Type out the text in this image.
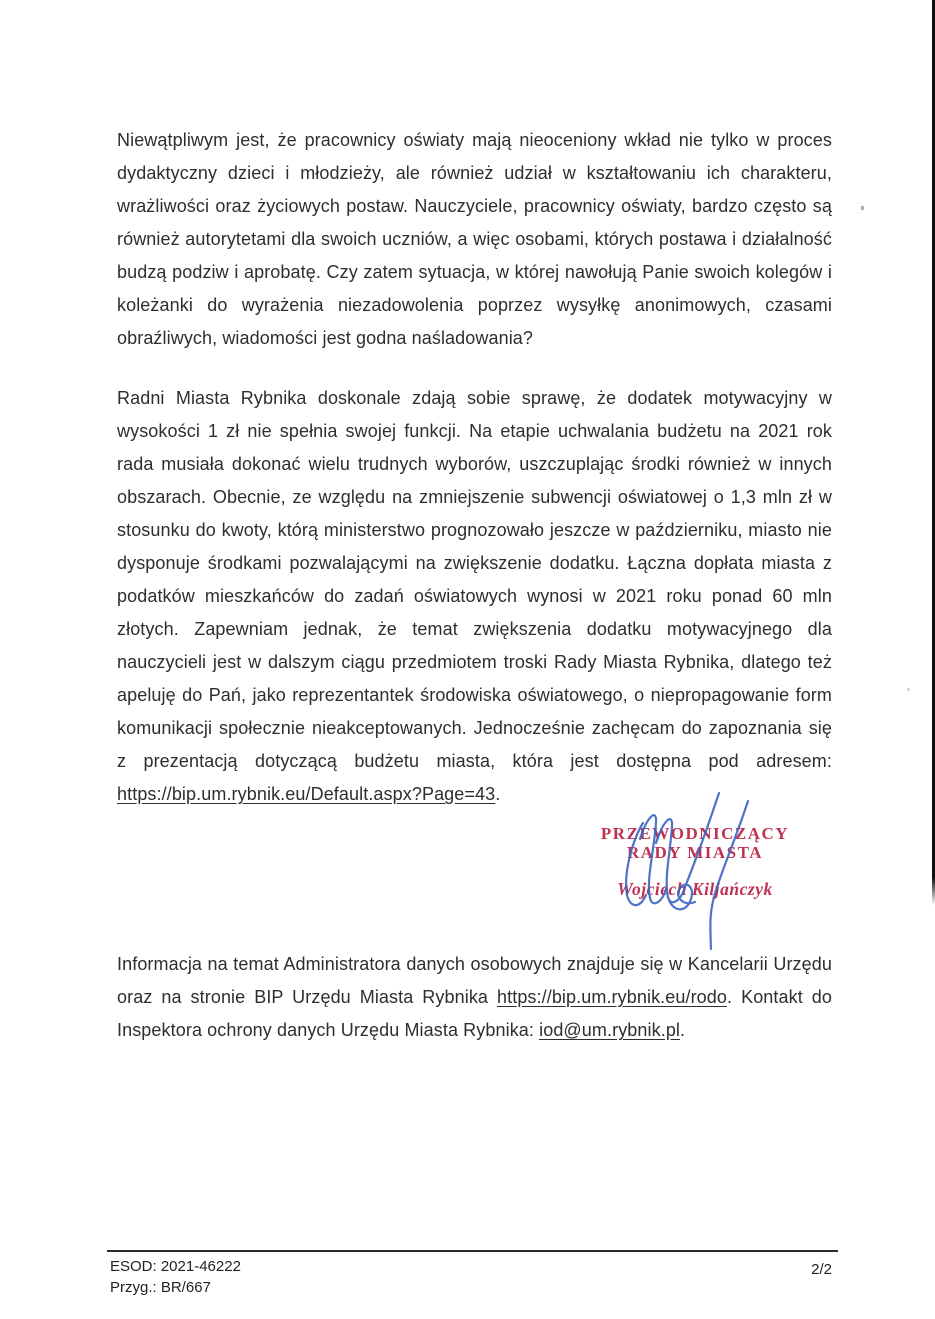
Niewątpliwym jest, że pracownicy oświaty mają nieoceniony wkład nie tylko w proces dydaktyczny dzieci i młodzieży, ale również udział w kształtowaniu ich charakteru, wrażliwości oraz życiowych postaw. Nauczyciele, pracownicy oświaty, bardzo często są również autorytetami dla swoich uczniów, a więc osobami, których postawa i działalność budzą podziw i aprobatę. Czy zatem sytuacja, w której nawołują Panie swoich kolegów i koleżanki do wyrażenia niezadowolenia poprzez wysyłkę anonimowych, czasami obraźliwych, wiadomości jest godna naśladowania?

Radni Miasta Rybnika doskonale zdają sobie sprawę, że dodatek motywacyjny w wysokości 1 zł nie spełnia swojej funkcji. Na etapie uchwalania budżetu na 2021 rok rada musiała dokonać wielu trudnych wyborów, uszczuplając środki również w innych obszarach. Obecnie, ze względu na zmniejszenie subwencji oświatowej o 1,3 mln zł w stosunku do kwoty, którą ministerstwo prognozowało jeszcze w październiku, miasto nie dysponuje środkami pozwalającymi na zwiększenie dodatku. Łączna dopłata miasta z podatków mieszkańców do zadań oświatowych wynosi w 2021 roku ponad 60 mln złotych. Zapewniam jednak, że temat zwiększenia dodatku motywacyjnego dla nauczycieli jest w dalszym ciągu przedmiotem troski Rady Miasta Rybnika, dlatego też apeluję do Pań, jako reprezentantek środowiska oświatowego, o niepropagowanie form komunikacji społecznie nieakceptowanych. Jednocześnie zachęcam do zapoznania się z prezentacją dotyczącą budżetu miasta, która jest dostępna pod adresem: https://bip.um.rybnik.eu/Default.aspx?Page=43.

PRZEWODNICZĄCY
RADY MIASTA
Wojciech Kiljańczyk

Informacja na temat Administratora danych osobowych znajduje się w Kancelarii Urzędu oraz na stronie BIP Urzędu Miasta Rybnika https://bip.um.rybnik.eu/rodo. Kontakt do Inspektora ochrony danych Urzędu Miasta Rybnika: iod@um.rybnik.pl.

ESOD: 2021-46222
Przyg.: BR/667
2/2
